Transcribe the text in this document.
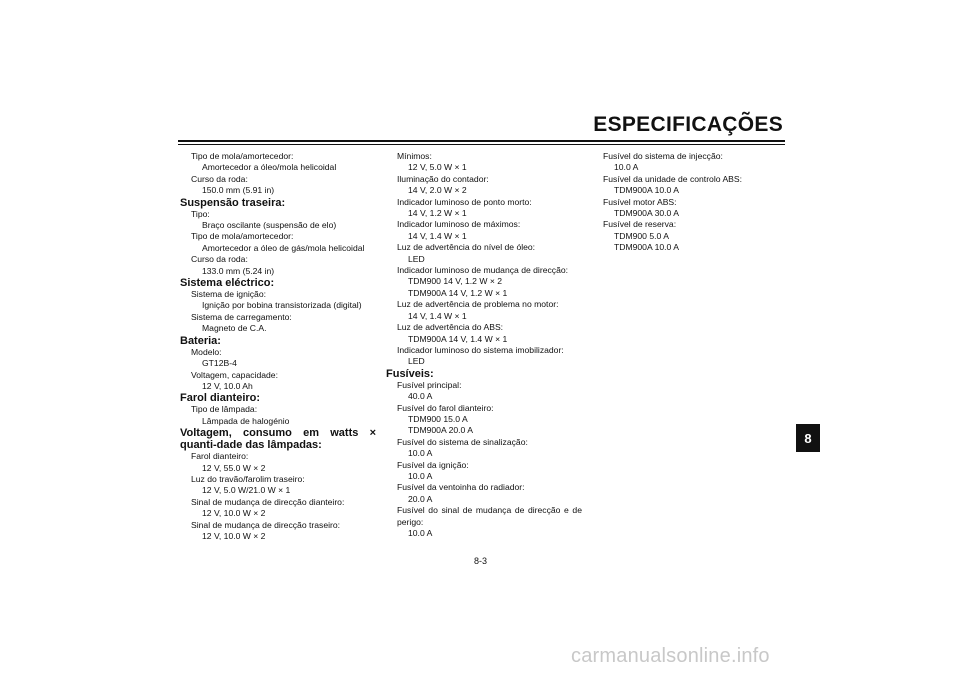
ESPECIFICAÇÕES
Tipo de mola/amortecedor:
Amortecedor a óleo/mola helicoidal
Curso da roda:
150.0 mm (5.91 in)
Suspensão traseira:
Tipo:
Braço oscilante (suspensão de elo)
Tipo de mola/amortecedor:
Amortecedor a óleo de gás/mola helicoidal
Curso da roda:
133.0 mm (5.24 in)
Sistema eléctrico:
Sistema de ignição:
Ignição por bobina transistorizada (digital)
Sistema de carregamento:
Magneto de C.A.
Bateria:
Modelo:
GT12B-4
Voltagem, capacidade:
12 V, 10.0 Ah
Farol dianteiro:
Tipo de lâmpada:
Lâmpada de halogénio
Voltagem, consumo em watts × quanti-dade das lâmpadas:
Farol dianteiro:
12 V, 55.0 W × 2
Luz do travão/farolim traseiro:
12 V, 5.0 W/21.0 W × 1
Sinal de mudança de direcção dianteiro:
12 V, 10.0 W × 2
Sinal de mudança de direcção traseiro:
12 V, 10.0 W × 2
Mínimos:
12 V, 5.0 W × 1
Iluminação do contador:
14 V, 2.0 W × 2
Indicador luminoso de ponto morto:
14 V, 1.2 W × 1
Indicador luminoso de máximos:
14 V, 1.4 W × 1
Luz de advertência do nível de óleo:
LED
Indicador luminoso de mudança de direcção:
TDM900 14 V, 1.2 W × 2
TDM900A 14 V, 1.2 W × 1
Luz de advertência de problema no motor:
14 V, 1.4 W × 1
Luz de advertência do ABS:
TDM900A 14 V, 1.4 W × 1
Indicador luminoso do sistema imobilizador:
LED
Fusíveis:
Fusível principal:
40.0 A
Fusível do farol dianteiro:
TDM900 15.0 A
TDM900A 20.0 A
Fusível do sistema de sinalização:
10.0 A
Fusível da ignição:
10.0 A
Fusível da ventoinha do radiador:
20.0 A
Fusível do sinal de mudança de direcção e de perigo:
10.0 A
Fusível do sistema de injecção:
10.0 A
Fusível da unidade de controlo ABS:
TDM900A 10.0 A
Fusível motor ABS:
TDM900A 30.0 A
Fusível de reserva:
TDM900 5.0 A
TDM900A 10.0 A
8
8-3
carmanualsonline.info
